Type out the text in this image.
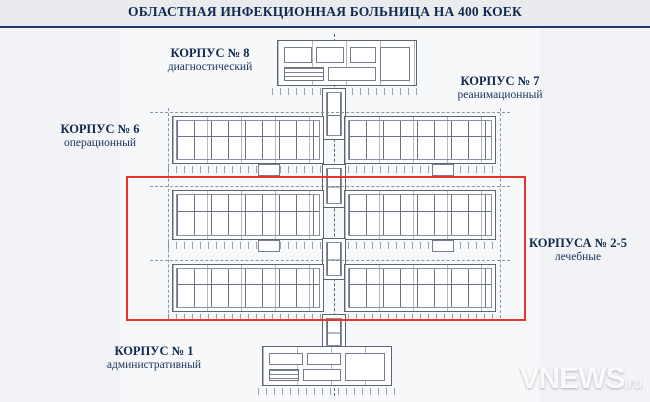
ОБЛАСТНАЯ ИНФЕКЦИОННАЯ БОЛЬНИЦА НА 400 КОЕК
КОРПУС № 8
диагностический
КОРПУС № 7
реанимационный
КОРПУС № 6
операционный
КОРПУСА № 2-5
лечебные
КОРПУС № 1
административный	VNEWS.ru
